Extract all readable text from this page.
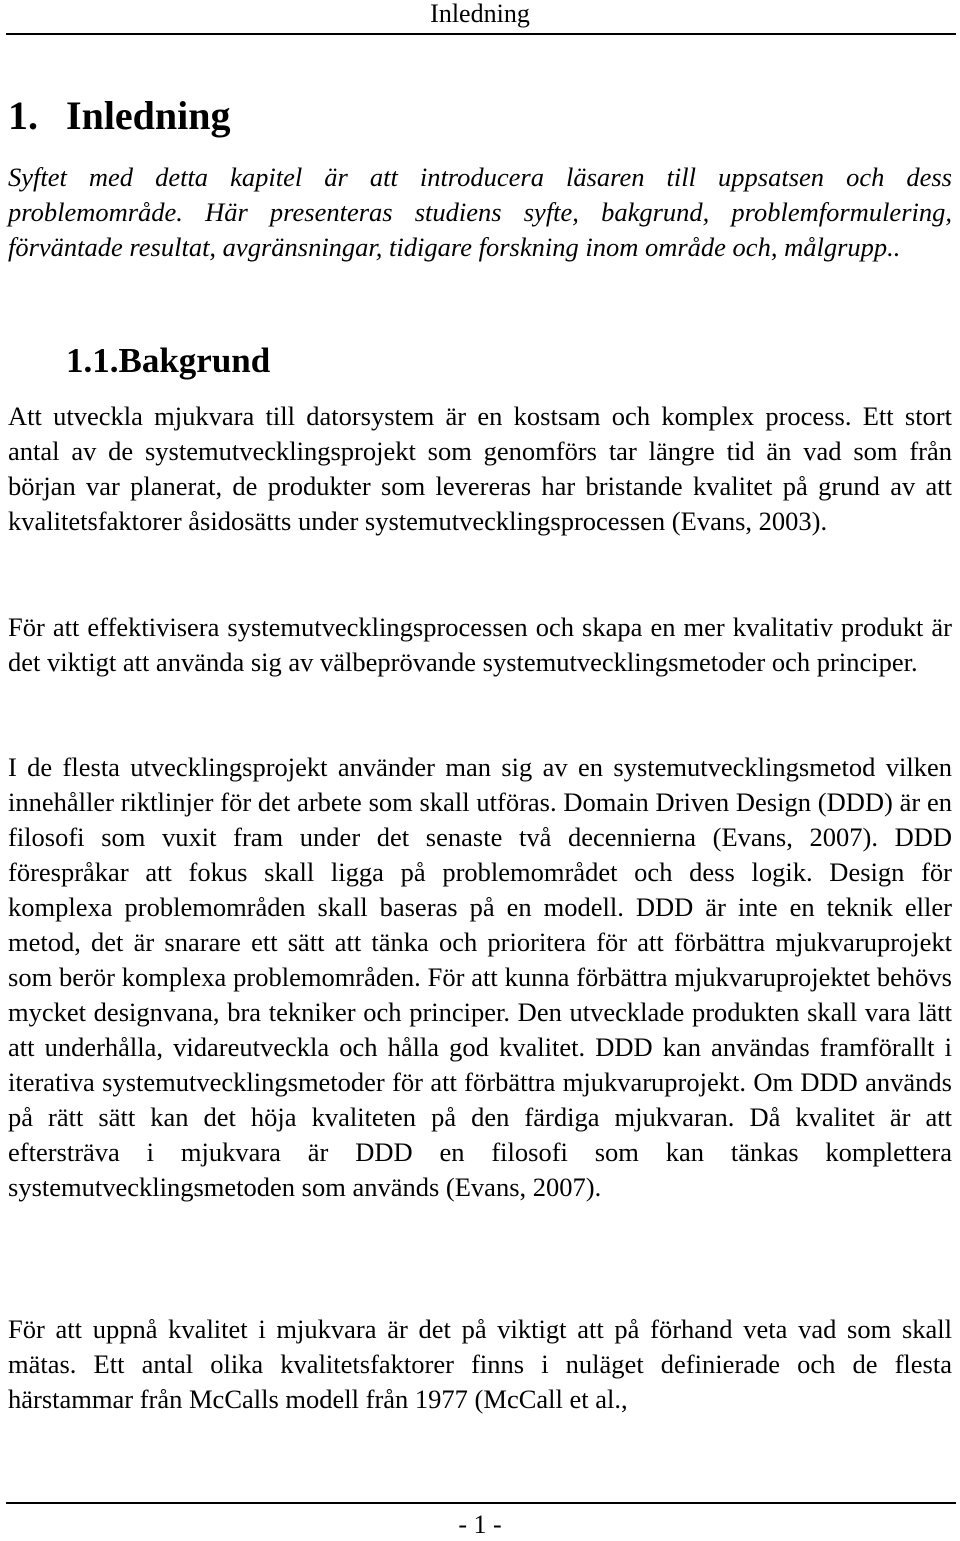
Inledning
1. Inledning

Syftet med detta kapitel är att introducera läsaren till uppsatsen och dess problemområde. Här presenteras studiens syfte, bakgrund, problemformulering, förväntade resultat, avgränsningar, tidigare forskning inom område och, målgrupp..

1.1.Bakgrund

Att utveckla mjukvara till datorsystem är en kostsam och komplex process. Ett stort antal av de systemutvecklingsprojekt som genomförs tar längre tid än vad som från början var planerat, de produkter som levereras har bristande kvalitet på grund av att kvalitetsfaktorer åsidosätts under systemutvecklingsprocessen (Evans, 2003).

För att effektivisera systemutvecklingsprocessen och skapa en mer kvalitativ produkt är det viktigt att använda sig av välbeprövande systemutvecklingsmetoder och principer.

I de flesta utvecklingsprojekt använder man sig av en systemutvecklingsmetod vilken innehåller riktlinjer för det arbete som skall utföras. Domain Driven Design (DDD) är en filosofi som vuxit fram under det senaste två decennierna (Evans, 2007). DDD förespråkar att fokus skall ligga på problemområdet och dess logik. Design för komplexa problemområden skall baseras på en modell. DDD är inte en teknik eller metod, det är snarare ett sätt att tänka och prioritera för att förbättra mjukvaruprojekt som berör komplexa problemområden. För att kunna förbättra mjukvaruprojektet behövs mycket designvana, bra tekniker och principer. Den utvecklade produkten skall vara lätt att underhålla, vidareutveckla och hålla god kvalitet. DDD kan användas framförallt i iterativa systemutvecklingsmetoder för att förbättra mjukvaruprojekt. Om DDD används på rätt sätt kan det höja kvaliteten på den färdiga mjukvaran. Då kvalitet är att eftersträva i mjukvara är DDD en filosofi som kan tänkas komplettera systemutvecklingsmetoden som används (Evans, 2007).

För att uppnå kvalitet i mjukvara är det på viktigt att på förhand veta vad som skall mätas. Ett antal olika kvalitetsfaktorer finns i nuläget definierade och de flesta härstammar från McCalls modell från 1977 (McCall et al.,

- 1 -
